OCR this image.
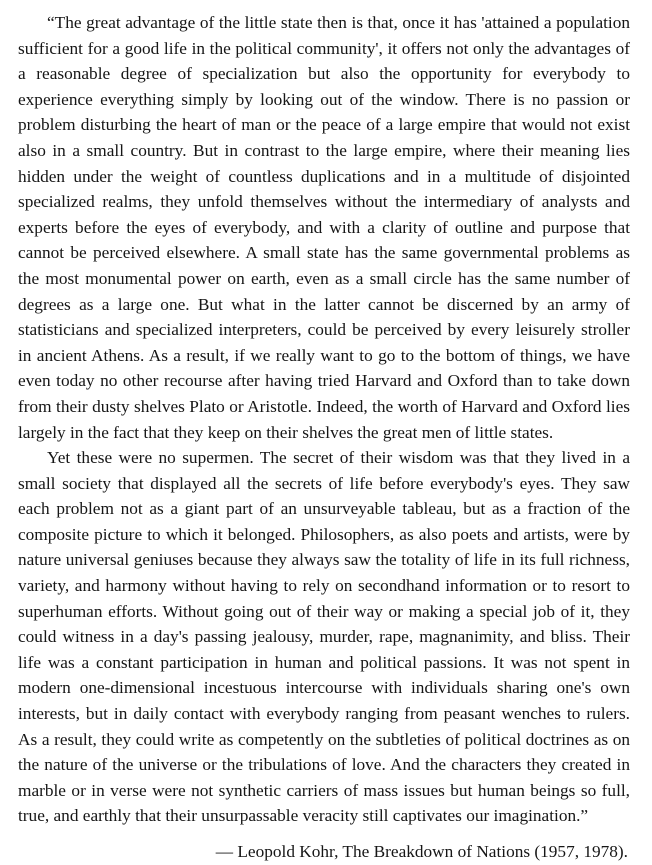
“The great advantage of the little state then is that, once it has 'attained a population sufficient for a good life in the political community', it offers not only the advantages of a reasonable degree of specialization but also the opportunity for everybody to experience everything simply by looking out of the window. There is no passion or problem disturbing the heart of man or the peace of a large empire that would not exist also in a small country. But in contrast to the large empire, where their meaning lies hidden under the weight of countless duplications and in a multitude of disjointed specialized realms, they unfold themselves without the intermediary of analysts and experts before the eyes of everybody, and with a clarity of outline and purpose that cannot be perceived elsewhere. A small state has the same governmental problems as the most monumental power on earth, even as a small circle has the same number of degrees as a large one. But what in the latter cannot be discerned by an army of statisticians and specialized interpreters, could be perceived by every leisurely stroller in ancient Athens. As a result, if we really want to go to the bottom of things, we have even today no other recourse after having tried Harvard and Oxford than to take down from their dusty shelves Plato or Aristotle. Indeed, the worth of Harvard and Oxford lies largely in the fact that they keep on their shelves the great men of little states.

Yet these were no supermen. The secret of their wisdom was that they lived in a small society that displayed all the secrets of life before everybody's eyes. They saw each problem not as a giant part of an unsurveyable tableau, but as a fraction of the composite picture to which it belonged. Philosophers, as also poets and artists, were by nature universal geniuses because they always saw the totality of life in its full richness, variety, and harmony without having to rely on secondhand information or to resort to superhuman efforts. Without going out of their way or making a special job of it, they could witness in a day's passing jealousy, murder, rape, magnanimity, and bliss. Their life was a constant participation in human and political passions. It was not spent in modern one-dimensional incestuous intercourse with individuals sharing one's own interests, but in daily contact with everybody ranging from peasant wenches to rulers. As a result, they could write as competently on the subtleties of political doctrines as on the nature of the universe or the tribulations of love. And the characters they created in marble or in verse were not synthetic carriers of mass issues but human beings so full, true, and earthly that their unsurpassable veracity still captivates our imagination.”

— Leopold Kohr, The Breakdown of Nations (1957, 1978).
